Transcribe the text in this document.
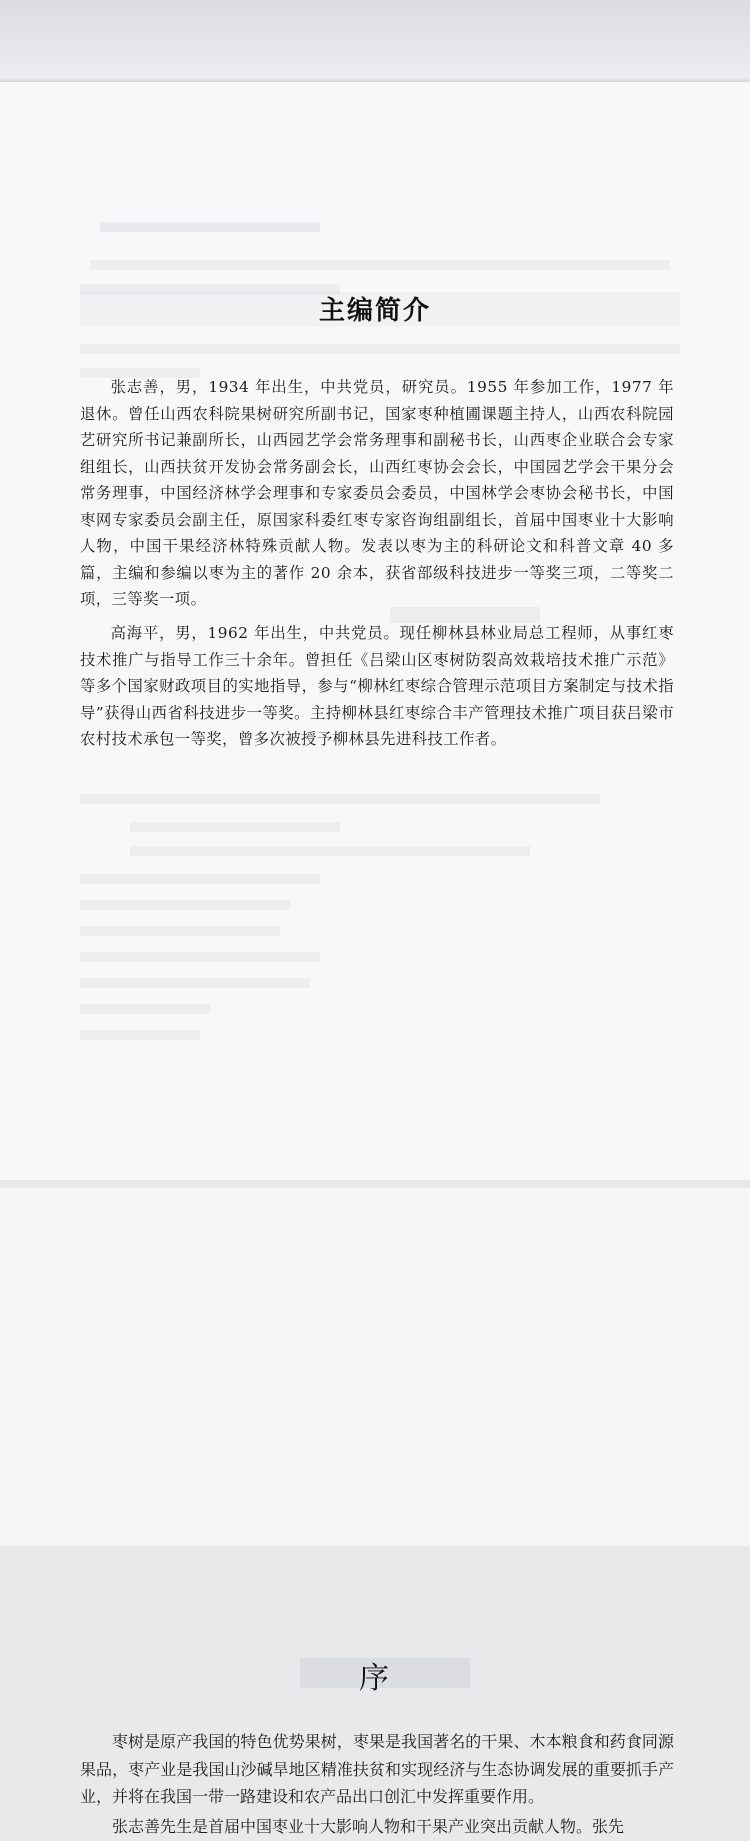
主编简介

张志善，男，1934 年出生，中共党员，研究员。1955 年参加工作，1977 年退休。曾任山西农科院果树研究所副书记，国家枣种植圃课题主持人，山西农科院园艺研究所书记兼副所长，山西园艺学会常务理事和副秘书长，山西枣企业联合会专家组组长，山西扶贫开发协会常务副会长，山西红枣协会会长，中国园艺学会干果分会常务理事，中国经济林学会理事和专家委员会委员，中国林学会枣协会秘书长，中国枣网专家委员会副主任，原国家科委红枣专家咨询组副组长，首届中国枣业十大影响人物，中国干果经济林特殊贡献人物。发表以枣为主的科研论文和科普文章 40 多篇，主编和参编以枣为主的著作 20 余本，获省部级科技进步一等奖三项，二等奖二项，三等奖一项。

高海平，男，1962 年出生，中共党员。现任柳林县林业局总工程师，从事红枣技术推广与指导工作三十余年。曾担任《吕梁山区枣树防裂高效栽培技术推广示范》等多个国家财政项目的实地指导，参与“柳林红枣综合管理示范项目方案制定与技术指导”获得山西省科技进步一等奖。主持柳林县红枣综合丰产管理技术推广项目获吕梁市农村技术承包一等奖，曾多次被授予柳林县先进科技工作者。

序

枣树是原产我国的特色优势果树，枣果是我国著名的干果、木本粮食和药食同源果品，枣产业是我国山沙碱旱地区精准扶贫和实现经济与生态协调发展的重要抓手产业，并将在我国一带一路建设和农产品出口创汇中发挥重要作用。

张志善先生是首届中国枣业十大影响人物和干果产业突出贡献人物。张先
